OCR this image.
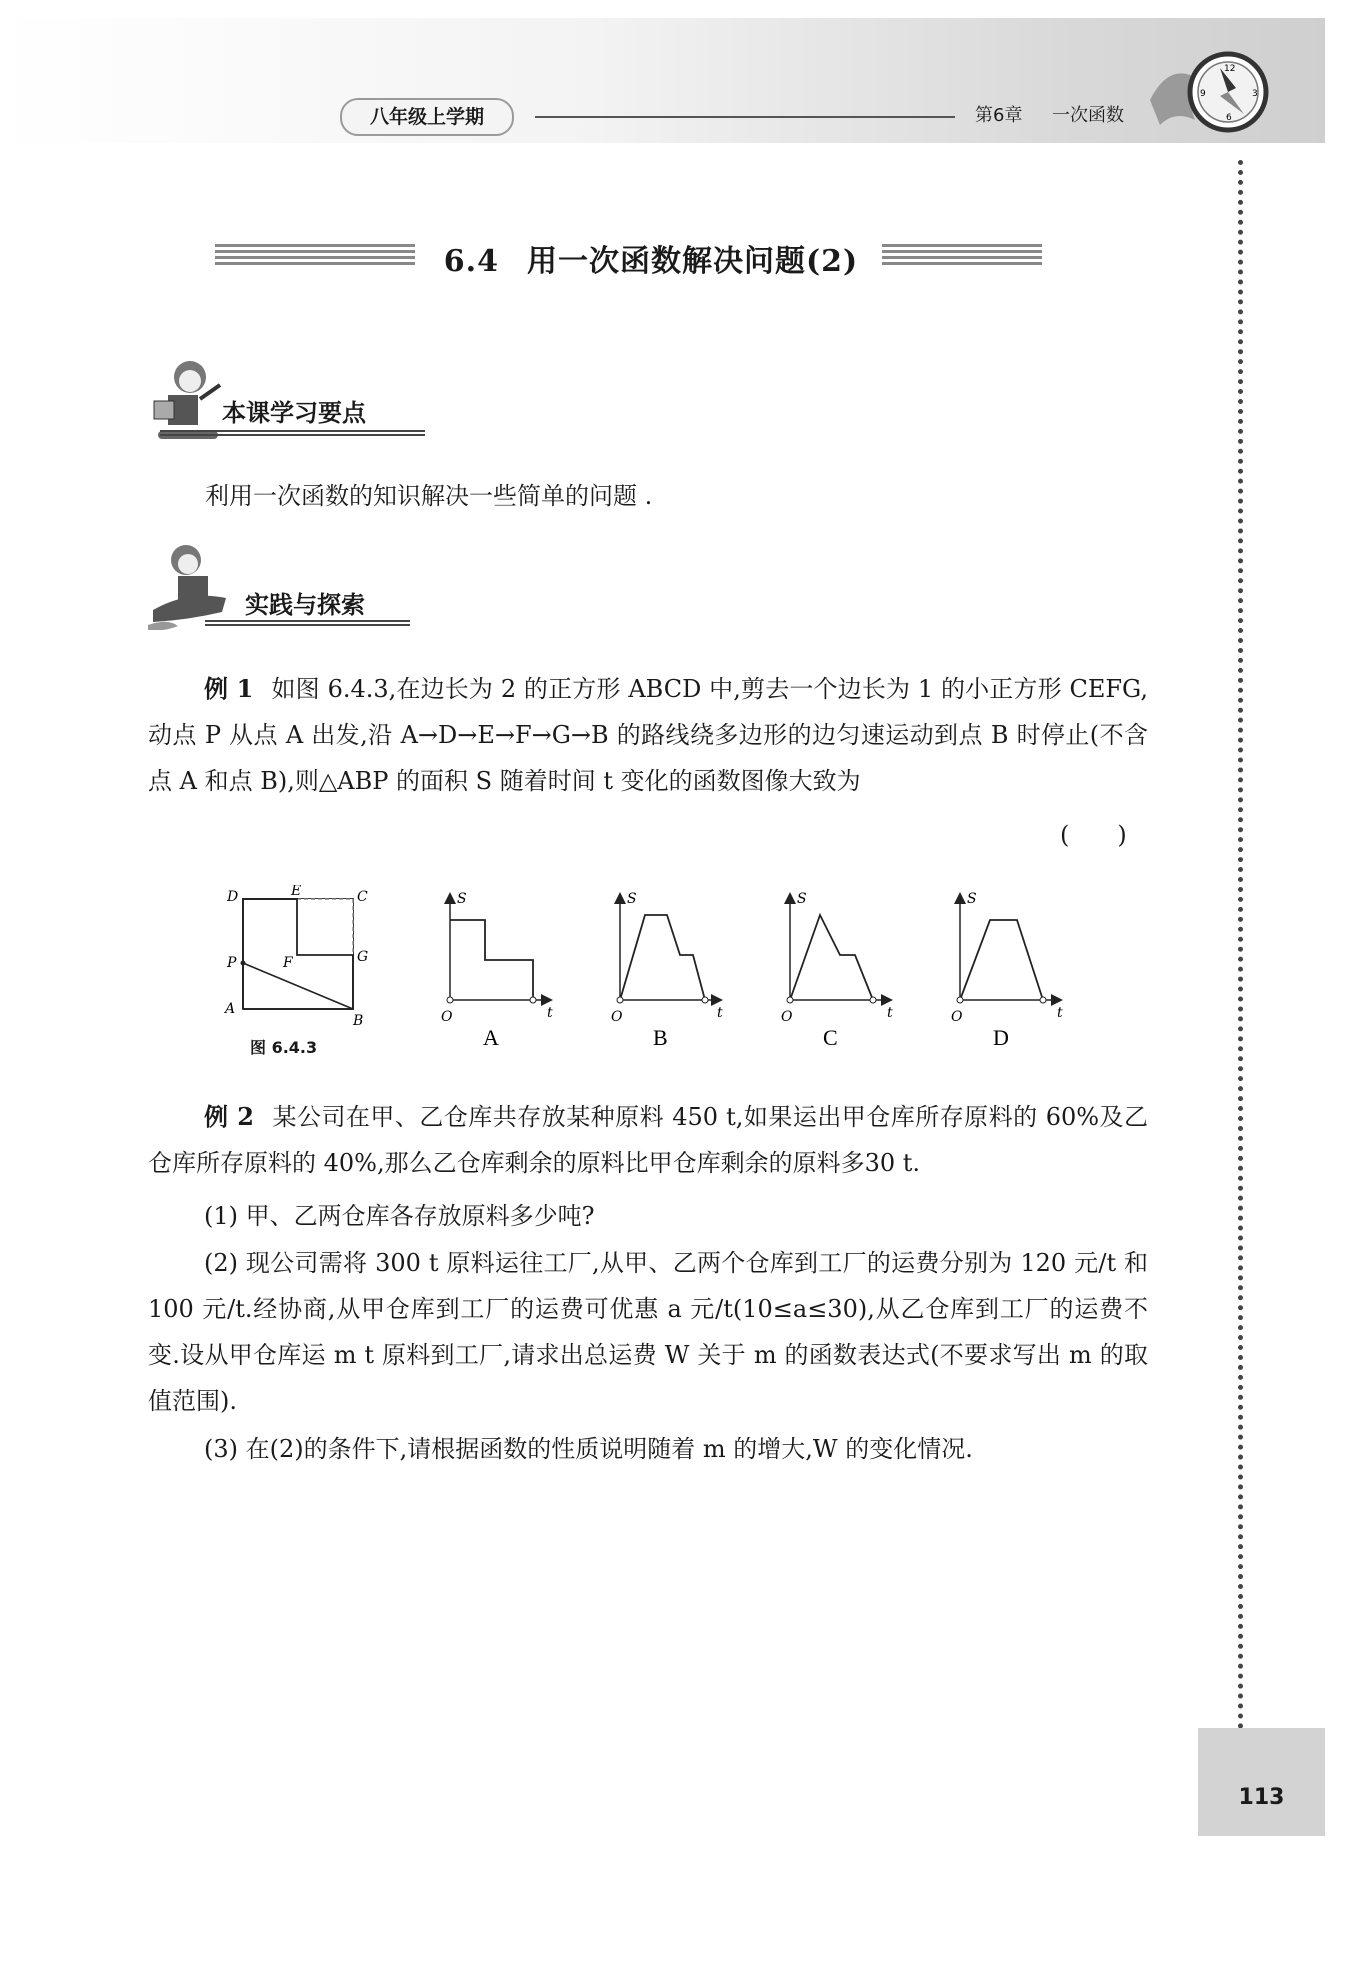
八年级上学期	第6章 一次函数
12
3
6
9
6.4 用一次函数解决问题(2)
本课学习要点
利用一次函数的知识解决一些简单的问题 .
实践与探索
例 1 如图 6.4.3,在边长为 2 的正方形 ABCD 中,剪去一个边长为 1 的小正方形 CEFG,动点 P 从点 A 出发,沿 A→D→E→F→G→B 的路线绕多边形的边匀速运动到点 B 时停止(不含点 A 和点 B),则△ABP 的面积 S 随着时间 t 变化的函数图像大致为
(　　)
D	E	C
P	F	G
A
B
图 6.4.3
S
t
O
A
S
t
O
B
S
t
O
C
S
t
O
D
例 2 某公司在甲、乙仓库共存放某种原料 450 t,如果运出甲仓库所存原料的 60%及乙仓库所存原料的 40%,那么乙仓库剩余的原料比甲仓库剩余的原料多30 t.
(1) 甲、乙两仓库各存放原料多少吨?
(2) 现公司需将 300 t 原料运往工厂,从甲、乙两个仓库到工厂的运费分别为 120 元/t 和 100 元/t.经协商,从甲仓库到工厂的运费可优惠 a 元/t(10≤a≤30),从乙仓库到工厂的运费不变.设从甲仓库运 m t 原料到工厂,请求出总运费 W 关于 m 的函数表达式(不要求写出 m 的取值范围).
(3) 在(2)的条件下,请根据函数的性质说明随着 m 的增大,W 的变化情况.
113
